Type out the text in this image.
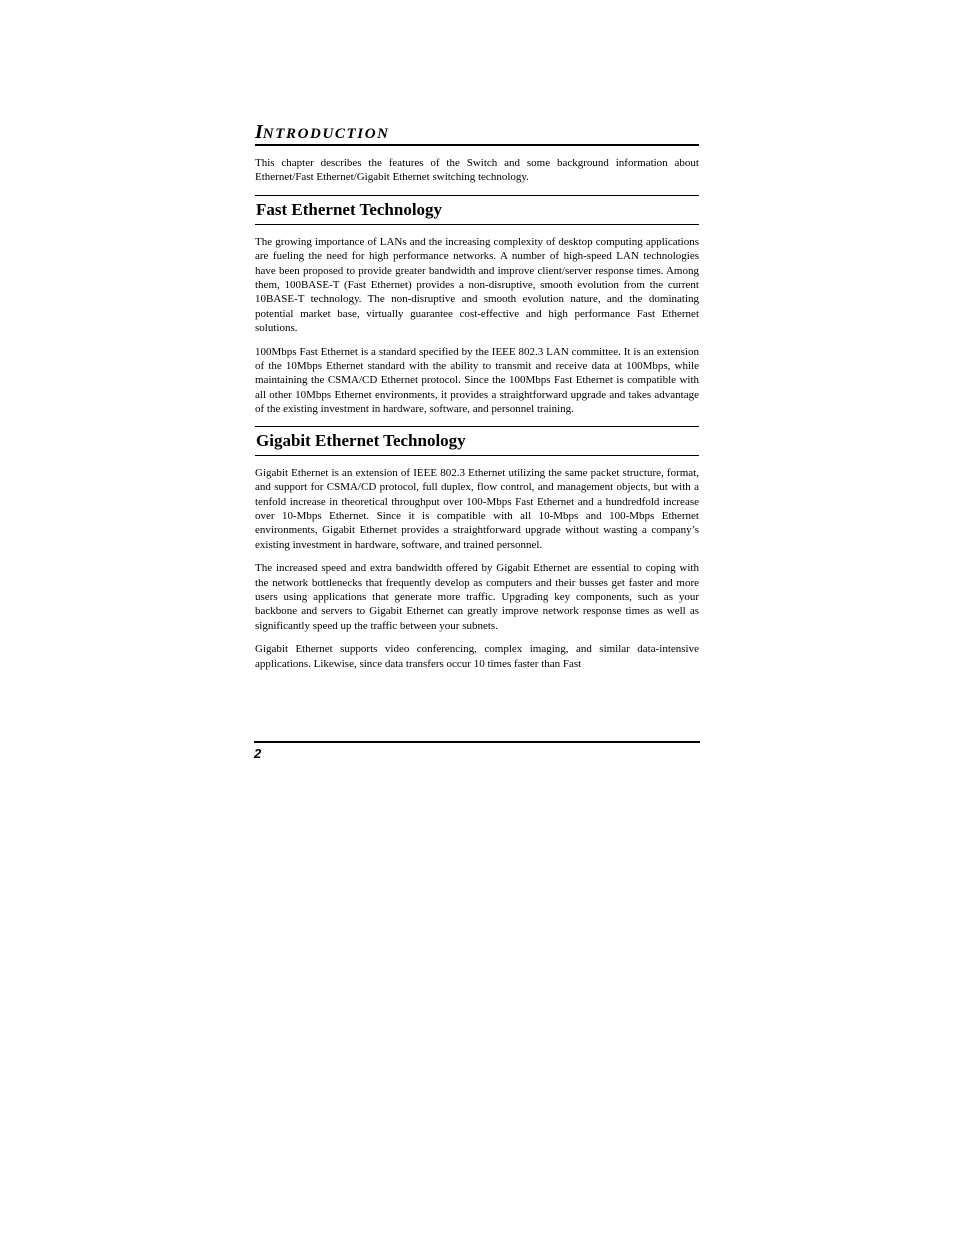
INTRODUCTION

This chapter describes the features of the Switch and some background information about Ethernet/Fast Ethernet/Gigabit Ethernet switching technology.

Fast Ethernet Technology

The growing importance of LANs and the increasing complexity of desktop computing applications are fueling the need for high performance networks. A number of high-speed LAN technologies have been proposed to provide greater bandwidth and improve client/server response times. Among them, 100BASE-T (Fast Ethernet) provides a non-disruptive, smooth evolution from the current 10BASE-T technology. The non-disruptive and smooth evolution nature, and the dominating potential market base, virtually guarantee cost-effective and high performance Fast Ethernet solutions.

100Mbps Fast Ethernet is a standard specified by the IEEE 802.3 LAN committee. It is an extension of the 10Mbps Ethernet standard with the ability to transmit and receive data at 100Mbps, while maintaining the CSMA/CD Ethernet protocol. Since the 100Mbps Fast Ethernet is compatible with all other 10Mbps Ethernet environments, it provides a straightforward upgrade and takes advantage of the existing investment in hardware, software, and personnel training.

Gigabit Ethernet Technology

Gigabit Ethernet is an extension of IEEE 802.3 Ethernet utilizing the same packet structure, format, and support for CSMA/CD protocol, full duplex, flow control, and management objects, but with a tenfold increase in theoretical throughput over 100-Mbps Fast Ethernet and a hundredfold increase over 10-Mbps Ethernet. Since it is compatible with all 10-Mbps and 100-Mbps Ethernet environments, Gigabit Ethernet provides a straightforward upgrade without wasting a company’s existing investment in hardware, software, and trained personnel.

The increased speed and extra bandwidth offered by Gigabit Ethernet are essential to coping with the network bottlenecks that frequently develop as computers and their busses get faster and more users using applications that generate more traffic. Upgrading key components, such as your backbone and servers to Gigabit Ethernet can greatly improve network response times as well as significantly speed up the traffic between your subnets.

Gigabit Ethernet supports video conferencing, complex imaging, and similar data-intensive applications. Likewise, since data transfers occur 10 times faster than Fast

2
